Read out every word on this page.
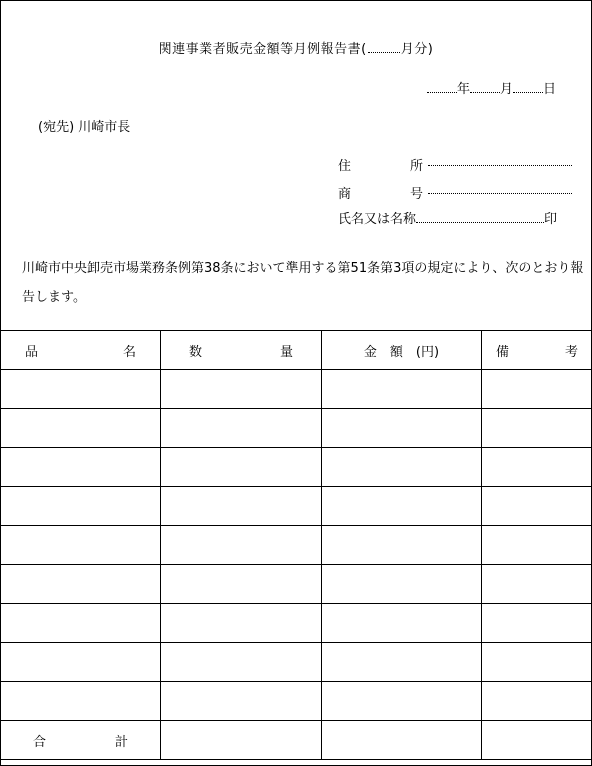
関連事業者販売金額等月例報告書(	月分)
年 月 日
(宛先) 川崎市長
住	所

商	号

氏名又は名称	印
川崎市中央卸売市場業務条例第38条において準用する第51条第3項の規定により、次のとおり報告します。
品 名	数 量	金　額　(円)	備 考

合 計			
